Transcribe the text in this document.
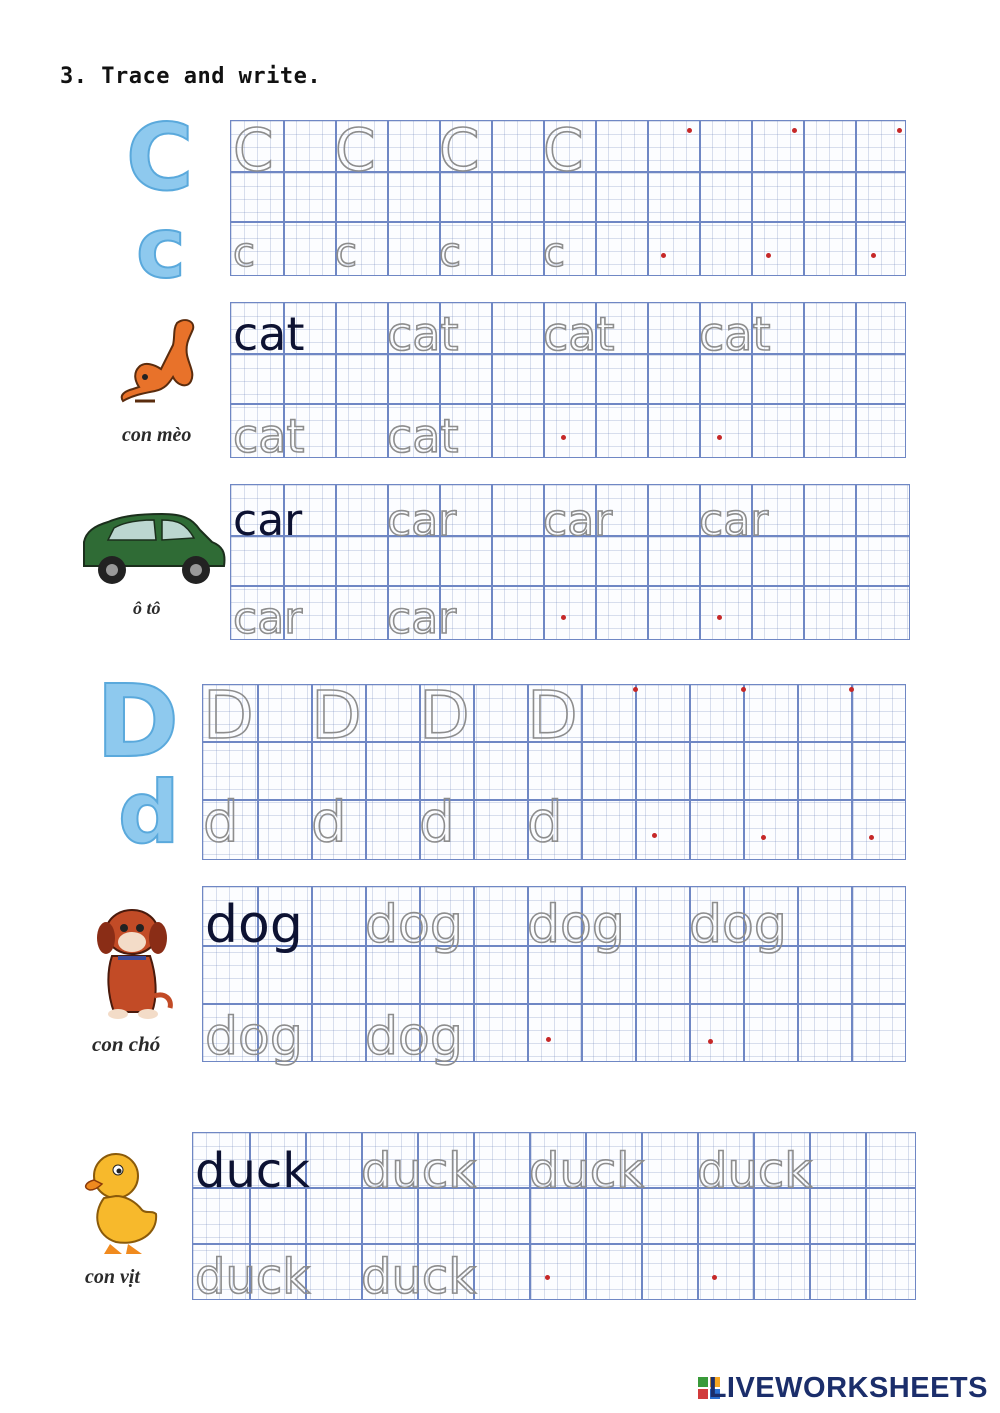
3. Trace and write.
C
c
C C C C
c c c c
con mèo
cat cat cat cat
cat cat
ô tô
car car car car
car car
D
d
D D D D
d d d d
con chó
dog dog dog dog
dog dog
con vịt
duck duck duck duck
duck duck
LIVEWORKSHEETS
